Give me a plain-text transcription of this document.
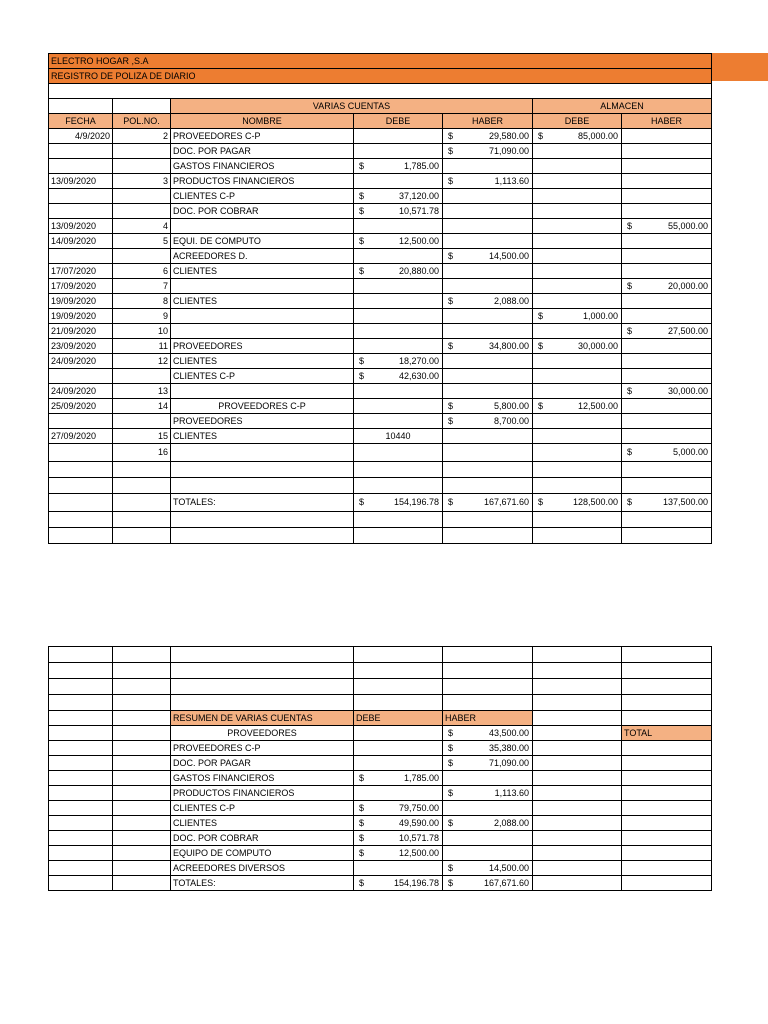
ELECTRO HOGAR ,S.A						
REGISTRO DE POLIZA DE DIARIO						

		VARIAS CUENTAS			ALMACEN	
FECHA	POL.NO.	NOMBRE	DEBE	HABER	DEBE	HABER
4/9/2020	2	PROVEEDORES C-P		$ 29,580.00	$ 85,000.00	

		DOC. POR PAGAR		$ 71,090.00		

		GASTOS FINANCIEROS	$ 1,785.00			

13/09/2020	3	PRODUCTOS FINANCIEROS		$ 1,113.60		

		CLIENTES C-P	$ 37,120.00			

		DOC. POR COBRAR	$ 10,571.78			

13/09/2020	4					$ 55,000.00

14/09/2020	5	EQUI. DE COMPUTO	$ 12,500.00			

		ACREEDORES D.		$ 14,500.00		

17/07/2020	6	CLIENTES	$ 20,880.00			

17/09/2020	7					$ 20,000.00

19/09/2020	8	CLIENTES		$ 2,088.00		

19/09/2020	9				$ 1,000.00	

21/09/2020	10					$ 27,500.00

23/09/2020	11	PROVEEDORES		$ 34,800.00	$ 30,000.00	

24/09/2020	12	CLIENTES	$ 18,270.00			

		CLIENTES C-P	$ 42,630.00			

24/09/2020	13					$ 30,000.00

25/09/2020	14	PROVEEDORES C-P		$ 5,800.00	$ 12,500.00	

		PROVEEDORES		$ 8,700.00		

27/09/2020	15	CLIENTES	10440			
	16					$ 5,000.00

		TOTALES:	$ 154,196.78	$ 167,671.60	$ 128,500.00	$ 137,500.00

		RESUMEN DE VARIAS CUENTAS	DEBE	HABER		
		PROVEEDORES		$ 43,500.00		TOTAL
		PROVEEDORES C-P		$ 35,380.00		

		DOC. POR PAGAR		$ 71,090.00		

		GASTOS FINANCIEROS	$ 1,785.00			

		PRODUCTOS FINANCIEROS		$ 1,113.60		

		CLIENTES C-P	$ 79,750.00			

		CLIENTES	$ 49,590.00	$ 2,088.00		

		DOC. POR COBRAR	$ 10,571.78			

		EQUIPO DE COMPUTO	$ 12,500.00			

		ACREEDORES DIVERSOS		$ 14,500.00		

		TOTALES:	$ 154,196.78	$ 167,671.60		
